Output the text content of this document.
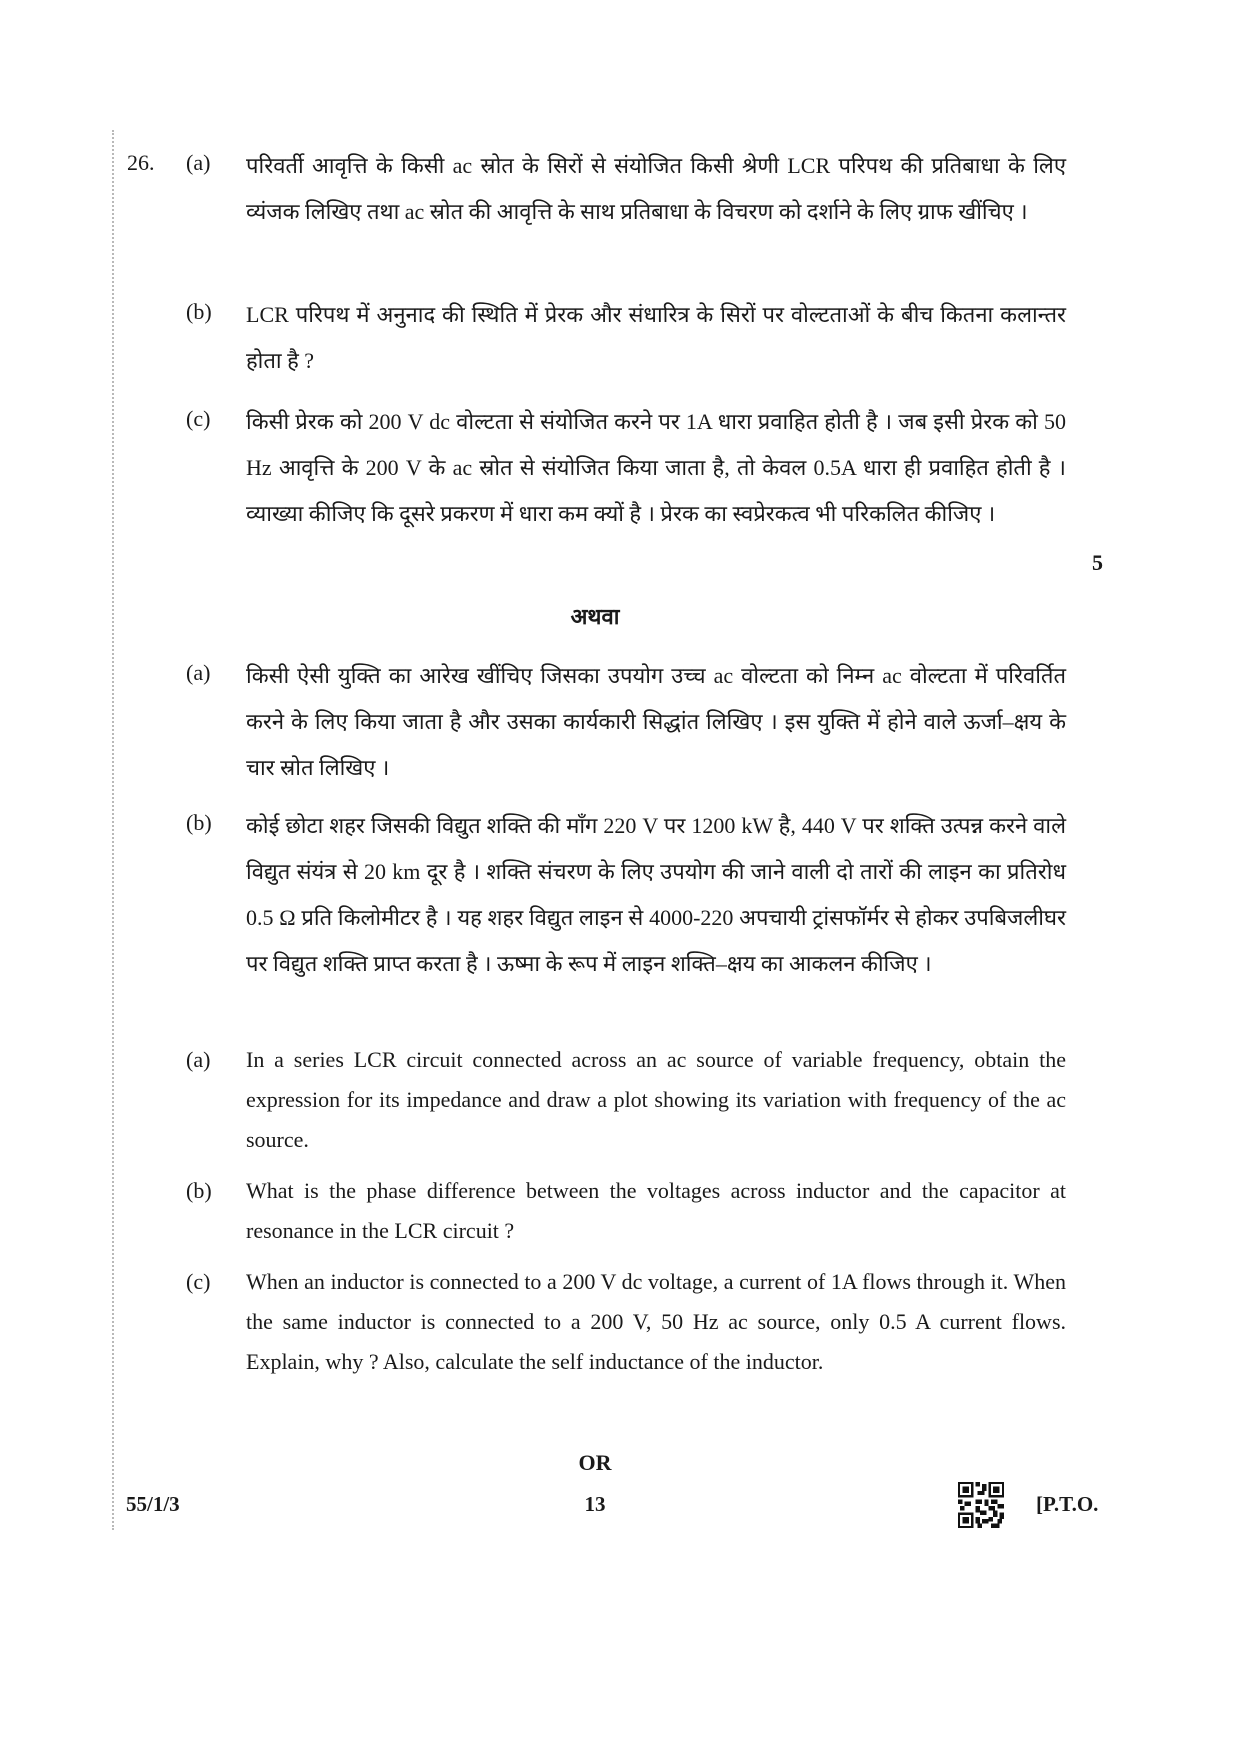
26. (a) परिवर्ती आवृत्ति के किसी ac स्रोत के सिरों से संयोजित किसी श्रेणी LCR परिपथ की प्रतिबाधा के लिए व्यंजक लिखिए तथा ac स्रोत की आवृत्ति के साथ प्रतिबाधा के विचरण को दर्शाने के लिए ग्राफ खींचिए ।
(b) LCR परिपथ में अनुनाद की स्थिति में प्रेरक और संधारित्र के सिरों पर वोल्टताओं के बीच कितना कलान्तर होता है ?
(c) किसी प्रेरक को 200 V dc वोल्टता से संयोजित करने पर 1A धारा प्रवाहित होती है । जब इसी प्रेरक को 50 Hz आवृत्ति के 200 V के ac स्रोत से संयोजित किया जाता है, तो केवल 0.5A धारा ही प्रवाहित होती है । व्याख्या कीजिए कि दूसरे प्रकरण में धारा कम क्यों है । प्रेरक का स्वप्रेरकत्व भी परिकलित कीजिए ।
5
अथवा
(a) किसी ऐसी युक्ति का आरेख खींचिए जिसका उपयोग उच्च ac वोल्टता को निम्न ac वोल्टता में परिवर्तित करने के लिए किया जाता है और उसका कार्यकारी सिद्धांत लिखिए । इस युक्ति में होने वाले ऊर्जा–क्षय के चार स्रोत लिखिए ।
(b) कोई छोटा शहर जिसकी विद्युत शक्ति की माँग 220 V पर 1200 kW है, 440 V पर शक्ति उत्पन्न करने वाले विद्युत संयंत्र से 20 km दूर है । शक्ति संचरण के लिए उपयोग की जाने वाली दो तारों की लाइन का प्रतिरोध 0.5 Ω प्रति किलोमीटर है । यह शहर विद्युत लाइन से 4000-220 अपचायी ट्रांसफॉर्मर से होकर उपबिजलीघर पर विद्युत शक्ति प्राप्त करता है । ऊष्मा के रूप में लाइन शक्ति–क्षय का आकलन कीजिए ।
(a) In a series LCR circuit connected across an ac source of variable frequency, obtain the expression for its impedance and draw a plot showing its variation with frequency of the ac source.
(b) What is the phase difference between the voltages across inductor and the capacitor at resonance in the LCR circuit ?
(c) When an inductor is connected to a 200 V dc voltage, a current of 1A flows through it. When the same inductor is connected to a 200 V, 50 Hz ac source, only 0.5 A current flows. Explain, why ? Also, calculate the self inductance of the inductor.
OR
55/1/3	13	[P.T.O.
